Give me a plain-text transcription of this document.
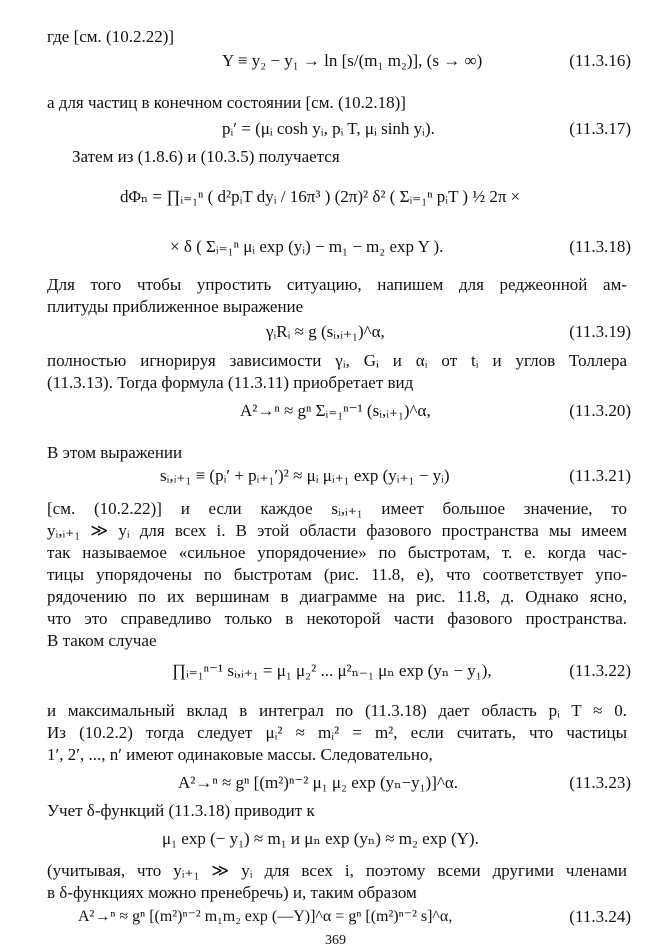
где [см. (10.2.22)]
Y ≡ y₂ − y₁ → ln [s/(m₁ m₂)], (s → ∞)	(11.3.16)
а для частиц в конечном состоянии [см. (10.2.18)]
pᵢ′ = (μᵢ cosh yᵢ, pᵢ T, μᵢ sinh yᵢ).	(11.3.17)
Затем из (1.8.6) и (10.3.5) получается
dΦₙ = ∏ᵢ₌₁ⁿ ( d²pᵢT dyᵢ / 16π³ ) (2π)² δ² ( Σᵢ₌₁ⁿ pᵢT ) ½ 2π ×
× δ ( Σᵢ₌₁ⁿ μᵢ exp (yᵢ) − m₁ − m₂ exp Y ).	(11.3.18)
Для того чтобы упростить ситуацию, напишем для реджеонной ам-
плитуды приближенное выражение
γᵢRᵢ ≈ g (sᵢ,ᵢ₊₁)^α,	(11.3.19)
полностью игнорируя зависимости γᵢ, Gᵢ и αᵢ от tᵢ и углов Толлера
(11.3.13). Тогда формула (11.3.11) приобретает вид
A²→ⁿ ≈ gⁿ Σᵢ₌₁ⁿ⁻¹ (sᵢ,ᵢ₊₁)^α,	(11.3.20)
В этом выражении
sᵢ,ᵢ₊₁ ≡ (pᵢ′ + pᵢ₊₁′)² ≈ μᵢ μᵢ₊₁ exp (yᵢ₊₁ − yᵢ)	(11.3.21)
[см. (10.2.22)] и если каждое sᵢ,ᵢ₊₁ имеет большое значение, то
yᵢ,ᵢ₊₁ ≫ yᵢ для всех i. В этой области фазового пространства мы имеем
так называемое «сильное упорядочение» по быстротам, т. е. когда час-
тицы упорядочены по быстротам (рис. 11.8, е), что соответствует упо-
рядочению по их вершинам в диаграмме на рис. 11.8, д. Однако ясно,
что это справедливо только в некоторой части фазового пространства.
В таком случае
∏ᵢ₌₁ⁿ⁻¹ sᵢ,ᵢ₊₁ = μ₁ μ₂² ... μ²ₙ₋₁ μₙ exp (yₙ − y₁),	(11.3.22)
и максимальный вклад в интеграл по (11.3.18) дает область pᵢ T ≈ 0.
Из (10.2.2) тогда следует μᵢ² ≈ mᵢ² = m², если считать, что частицы
1′, 2′, ..., n′ имеют одинаковые массы. Следовательно,
A²→ⁿ ≈ gⁿ [(m²)ⁿ⁻² μ₁ μ₂ exp (yₙ−y₁)]^α.	(11.3.23)
Учет δ-функций (11.3.18) приводит к
μ₁ exp (− y₁) ≈ m₁ и μₙ exp (yₙ) ≈ m₂ exp (Y).
(учитывая, что yᵢ₊₁ ≫ yᵢ для всех i, поэтому всеми другими членами
в δ-функциях можно пренебречь) и, таким образом
A²→ⁿ ≈ gⁿ [(m²)ⁿ⁻² m₁m₂ exp (—Y)]^α = gⁿ [(m²)ⁿ⁻² s]^α,	(11.3.24)
369
